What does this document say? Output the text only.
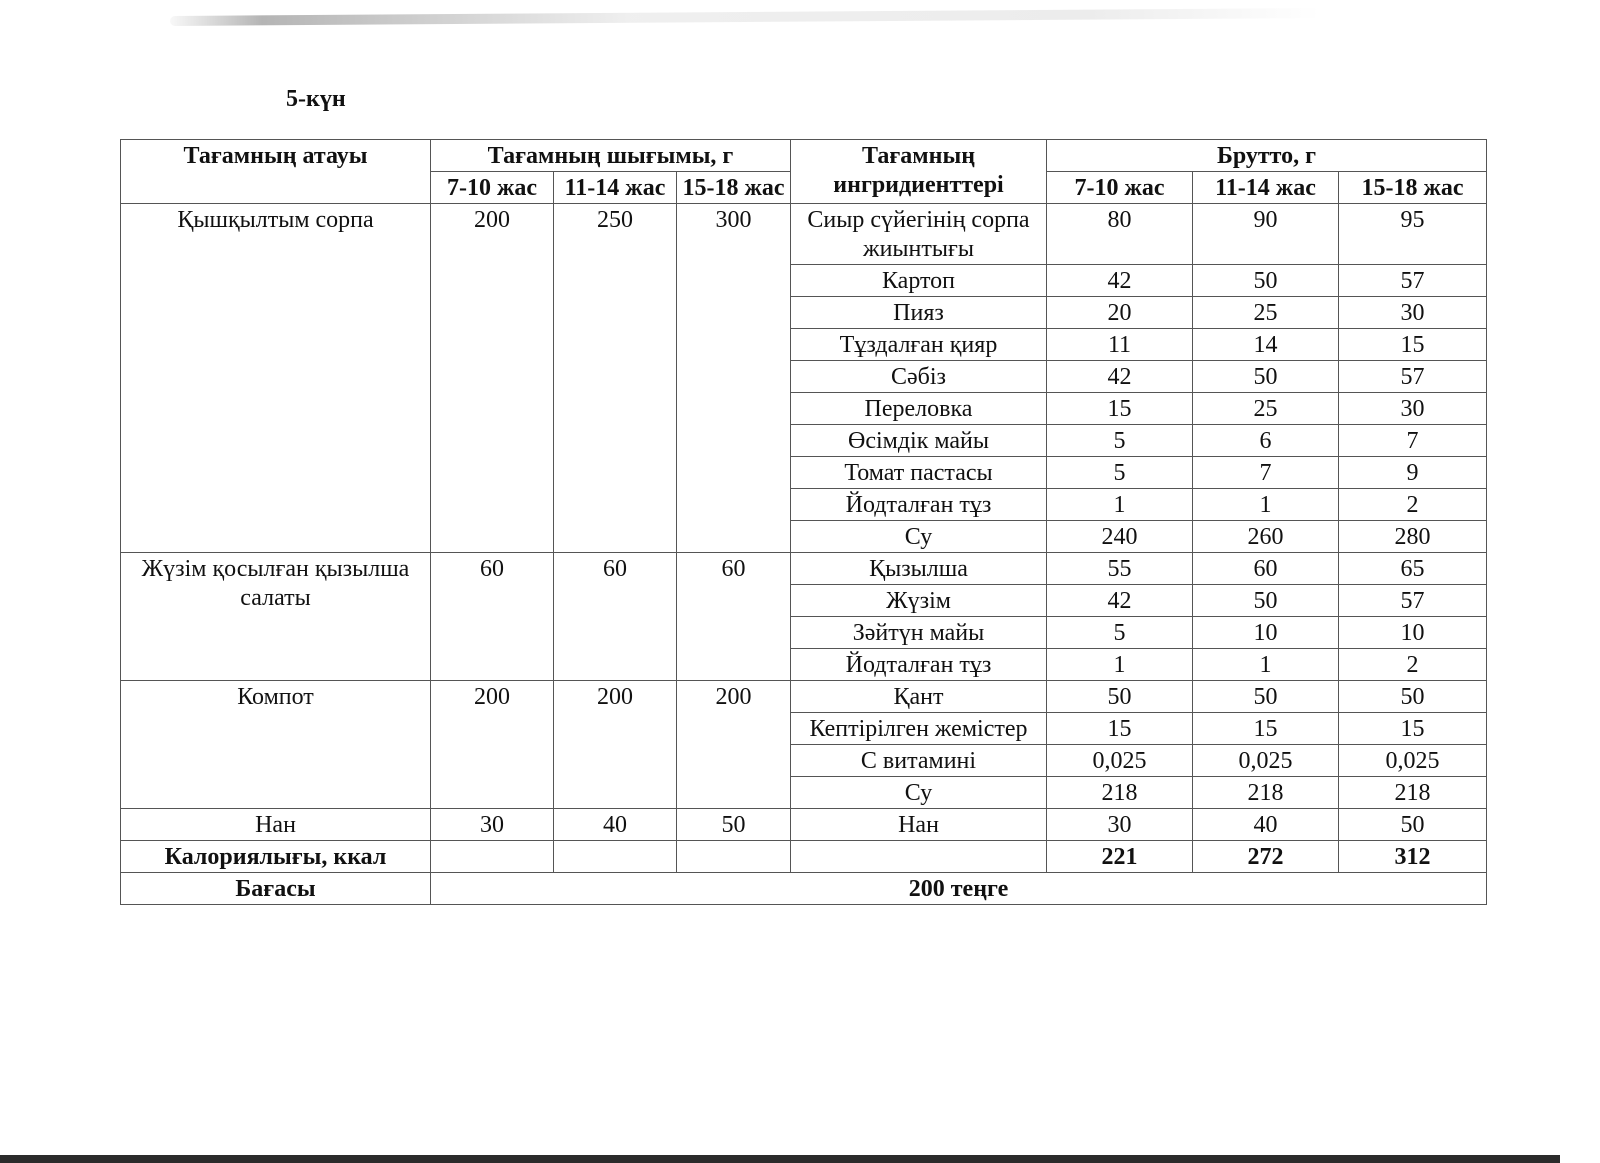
5-күн
Тағамның атауы	Тағамның шығымы, г			Тағамның ингридиенттері	Брутто, г		
	7-10 жас	11-14 жас	15-18 жас		7-10 жас	11-14 жас	15-18 жас
Қышқылтым сорпа	200	250	300	Сиыр сүйегінің сорпа жиынтығы	80	90	95
				Картоп	42	50	57
				Пияз	20	25	30
				Тұздалған қияр	11	14	15
				Сәбіз	42	50	57
				Переловка	15	25	30
				Өсімдік майы	5	6	7
				Томат пастасы	5	7	9
				Йодталған тұз	1	1	2
				Су	240	260	280
Жүзім қосылған қызылша салаты	60	60	60	Қызылша	55	60	65
				Жүзім	42	50	57
				Зәйтүн майы	5	10	10
				Йодталған тұз	1	1	2
Компот	200	200	200	Қант	50	50	50
				Кептірілген жемістер	15	15	15
				С витамині	0,025	0,025	0,025
				Су	218	218	218
Нан	30	40	50	Нан	30	40	50
Калориялығы, ккал					221	272	312
Бағасы	200 теңге						
